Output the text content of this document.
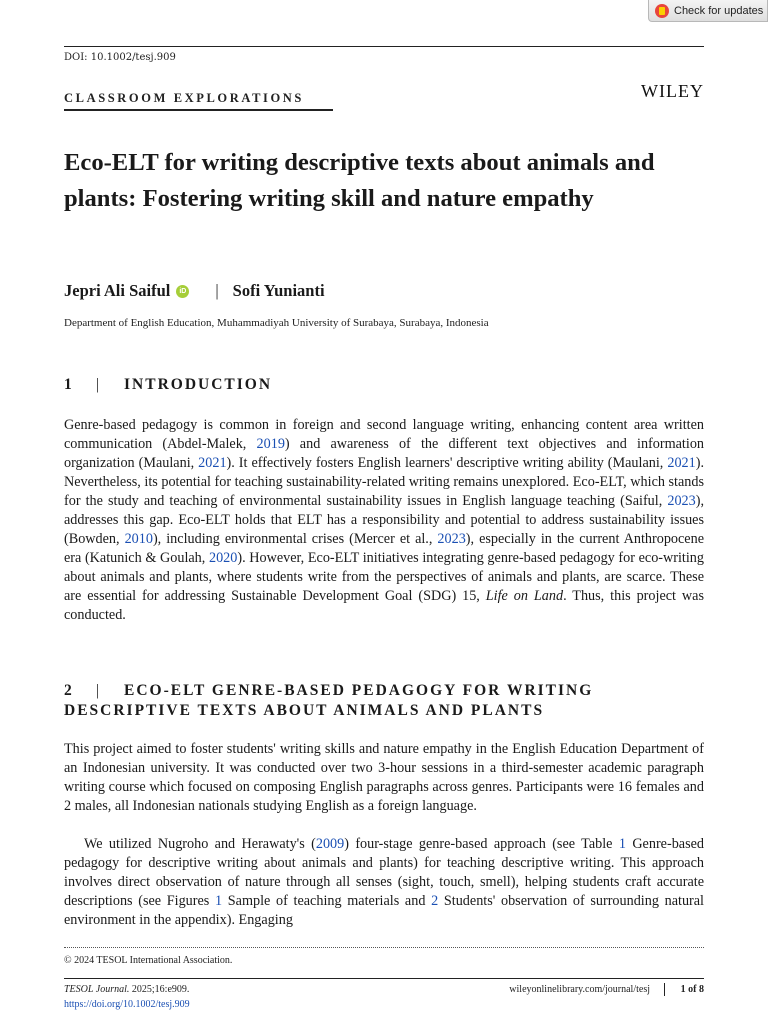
Check for updates
DOI: 10.1002/tesj.909
CLASSROOM EXPLORATIONS	WILEY
Eco-ELT for writing descriptive texts about animals and plants: Fostering writing skill and nature empathy
Jepri Ali Saiful	iD | Sofi Yunianti
Department of English Education, Muhammadiyah University of Surabaya, Surabaya, Indonesia
1 | INTRODUCTION

Genre-based pedagogy is common in foreign and second language writing, enhancing content area written communication (Abdel-Malek, 2019) and awareness of the different text objectives and information organization (Maulani, 2021). It effectively fosters English learners' descriptive writing ability (Maulani, 2021). Nevertheless, its potential for teaching sustainability-related writing remains unexplored. Eco-ELT, which stands for the study and teaching of environmental sustainability issues in English language teaching (Saiful, 2023), addresses this gap. Eco-ELT holds that ELT has a responsibility and potential to address sustainability issues (Bowden, 2010), including environmental crises (Mercer et al., 2023), especially in the current Anthropocene era (Katunich & Goulah, 2020). However, Eco-ELT initiatives integrating genre-based pedagogy for eco-writing about animals and plants, where students write from the perspectives of animals and plants, are scarce. These are essential for addressing Sustainable Development Goal (SDG) 15, Life on Land. Thus, this project was conducted.

2 | ECO-ELT GENRE-BASED PEDAGOGY FOR WRITING DESCRIPTIVE TEXTS ABOUT ANIMALS AND PLANTS

This project aimed to foster students' writing skills and nature empathy in the English Education Department of an Indonesian university. It was conducted over two 3-hour sessions in a third-semester academic paragraph writing course which focused on composing English paragraphs across genres. Participants were 16 females and 2 males, all Indonesian nationals studying English as a foreign language.

We utilized Nugroho and Herawaty's (2009) four-stage genre-based approach (see Table 1 Genre-based pedagogy for descriptive writing about animals and plants) for teaching descriptive writing. This approach involves direct observation of nature through all senses (sight, touch, smell), helping students craft accurate descriptions (see Figures 1 Sample of teaching materials and 2 Students' observation of surrounding natural environment in the appendix). Engaging

© 2024 TESOL International Association.
TESOL Journal. 2025;16:e909.
https://doi.org/10.1002/tesj.909
wileyonlinelibrary.com/journal/tesj	1 of 8
